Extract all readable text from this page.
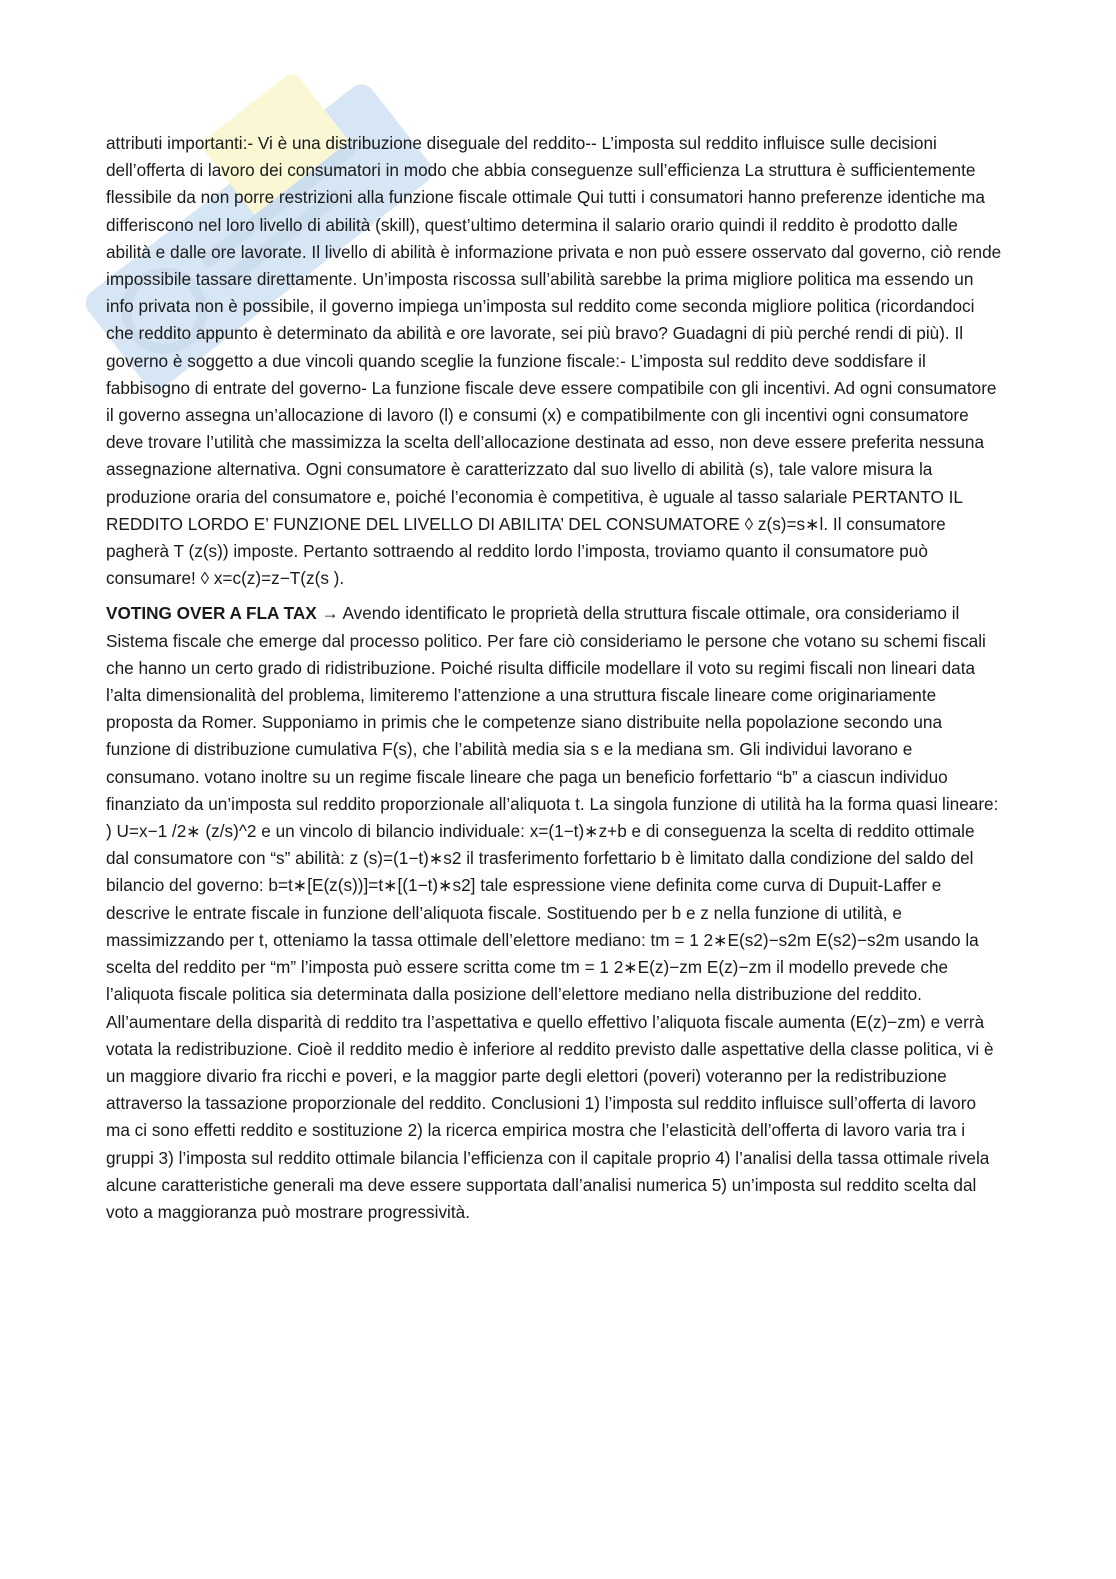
attributi importanti:- Vi è una distribuzione diseguale del reddito-- L’imposta sul reddito influisce sulle decisioni dell’offerta di lavoro dei consumatori in modo che abbia conseguenze sull’efficienza La struttura è sufficientemente flessibile da non porre restrizioni alla funzione fiscale ottimale Qui tutti i consumatori hanno preferenze identiche ma differiscono nel loro livello di abilità (skill), quest’ultimo determina il salario orario quindi il reddito è prodotto dalle abilità e dalle ore lavorate. Il livello di abilità è informazione privata e non può essere osservato dal governo, ciò rende impossibile tassare direttamente. Un’imposta riscossa sull’abilità sarebbe la prima migliore politica ma essendo un info privata non è possibile, il governo impiega un’imposta sul reddito come seconda migliore politica (ricordandoci che reddito appunto è determinato da abilità e ore lavorate, sei più bravo? Guadagni di più perché rendi di più). Il governo è soggetto a due vincoli quando sceglie la funzione fiscale:- L’imposta sul reddito deve soddisfare il fabbisogno di entrate del governo- La funzione fiscale deve essere compatibile con gli incentivi. Ad ogni consumatore il governo assegna un’allocazione di lavoro (l) e consumi (x) e compatibilmente con gli incentivi ogni consumatore deve trovare l’utilità che massimizza la scelta dell’allocazione destinata ad esso, non deve essere preferita nessuna assegnazione alternativa. Ogni consumatore è caratterizzato dal suo livello di abilità (s), tale valore misura la produzione oraria del consumatore e, poiché l’economia è competitiva, è uguale al tasso salariale PERTANTO IL REDDITO LORDO E’ FUNZIONE DEL LIVELLO DI ABILITA’ DEL CONSUMATORE ◊ z(s)=s∗l. Il consumatore pagherà T (z(s)) imposte. Pertanto sottraendo al reddito lordo l’imposta, troviamo quanto il consumatore può consumare! ◊ x=c(z)=z−T(z(s ).

VOTING OVER A FLA TAX → Avendo identificato le proprietà della struttura fiscale ottimale, ora consideriamo il Sistema fiscale che emerge dal processo politico. Per fare ciò consideriamo le persone che votano su schemi fiscali che hanno un certo grado di ridistribuzione. Poiché risulta difficile modellare il voto su regimi fiscali non lineari data l’alta dimensionalità del problema, limiteremo l’attenzione a una struttura fiscale lineare come originariamente proposta da Romer. Supponiamo in primis che le competenze siano distribuite nella popolazione secondo una funzione di distribuzione cumulativa F(s), che l’abilità media sia s e la mediana sm. Gli individui lavorano e consumano. votano inoltre su un regime fiscale lineare che paga un beneficio forfettario “b” a ciascun individuo finanziato da un’imposta sul reddito proporzionale all’aliquota t. La singola funzione di utilità ha la forma quasi lineare: ) U=x−1 /2∗ (z/s)^2 e un vincolo di bilancio individuale: x=(1−t)∗z+b e di conseguenza la scelta di reddito ottimale dal consumatore con “s” abilità: z (s)=(1−t)∗s2 il trasferimento forfettario b è limitato dalla condizione del saldo del bilancio del governo: b=t∗[E(z(s))]=t∗[(1−t)∗s2] tale espressione viene definita come curva di Dupuit-Laffer e descrive le entrate fiscale in funzione dell’aliquota fiscale. Sostituendo per b e z nella funzione di utilità, e massimizzando per t, otteniamo la tassa ottimale dell’elettore mediano: tm = 1 2∗E(s2)−s2m E(s2)−s2m usando la scelta del reddito per “m” l’imposta può essere scritta come tm = 1 2∗E(z)−zm E(z)−zm il modello prevede che l’aliquota fiscale politica sia determinata dalla posizione dell’elettore mediano nella distribuzione del reddito. All’aumentare della disparità di reddito tra l’aspettativa e quello effettivo l’aliquota fiscale aumenta (E(z)−zm) e verrà votata la redistribuzione. Cioè il reddito medio è inferiore al reddito previsto dalle aspettative della classe politica, vi è un maggiore divario fra ricchi e poveri, e la maggior parte degli elettori (poveri) voteranno per la redistribuzione attraverso la tassazione proporzionale del reddito. Conclusioni 1) l’imposta sul reddito influisce sull’offerta di lavoro ma ci sono effetti reddito e sostituzione 2) la ricerca empirica mostra che l’elasticità dell’offerta di lavoro varia tra i gruppi 3) l’imposta sul reddito ottimale bilancia l’efficienza con il capitale proprio 4) l’analisi della tassa ottimale rivela alcune caratteristiche generali ma deve essere supportata dall’analisi numerica 5) un’imposta sul reddito scelta dal voto a maggioranza può mostrare progressività.
